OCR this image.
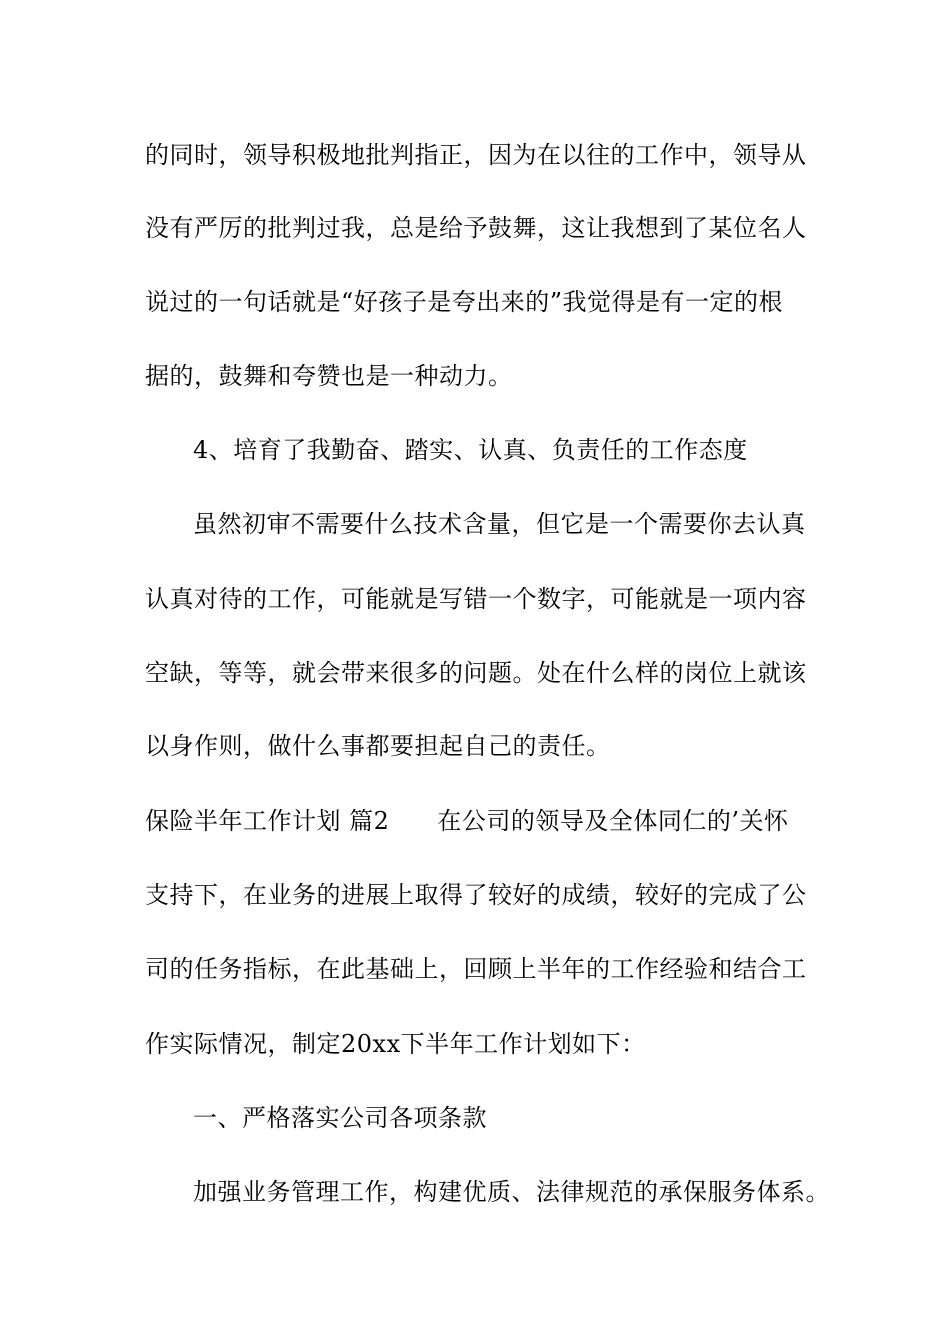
的同时，领导积极地批判指正，因为在以往的工作中，领导从
没有严厉的批判过我，总是给予鼓舞，这让我想到了某位名人
说过的一句话就是“好孩子是夸出来的”我觉得是有一定的根
据的，鼓舞和夸赞也是一种动力。
4、培育了我勤奋、踏实、认真、负责任的工作态度
虽然初审不需要什么技术含量，但它是一个需要你去认真
认真对待的工作，可能就是写错一个数字，可能就是一项内容
空缺，等等，就会带来很多的问题。处在什么样的岗位上就该
以身作则，做什么事都要担起自己的责任。
保险半年工作计划 篇2 在公司的领导及全体同仁的’关怀
支持下，在业务的进展上取得了较好的成绩，较好的完成了公
司的任务指标，在此基础上，回顾上半年的工作经验和结合工
作实际情况，制定20xx下半年工作计划如下：
一、严格落实公司各项条款
加强业务管理工作，构建优质、法律规范的承保服务体系。
